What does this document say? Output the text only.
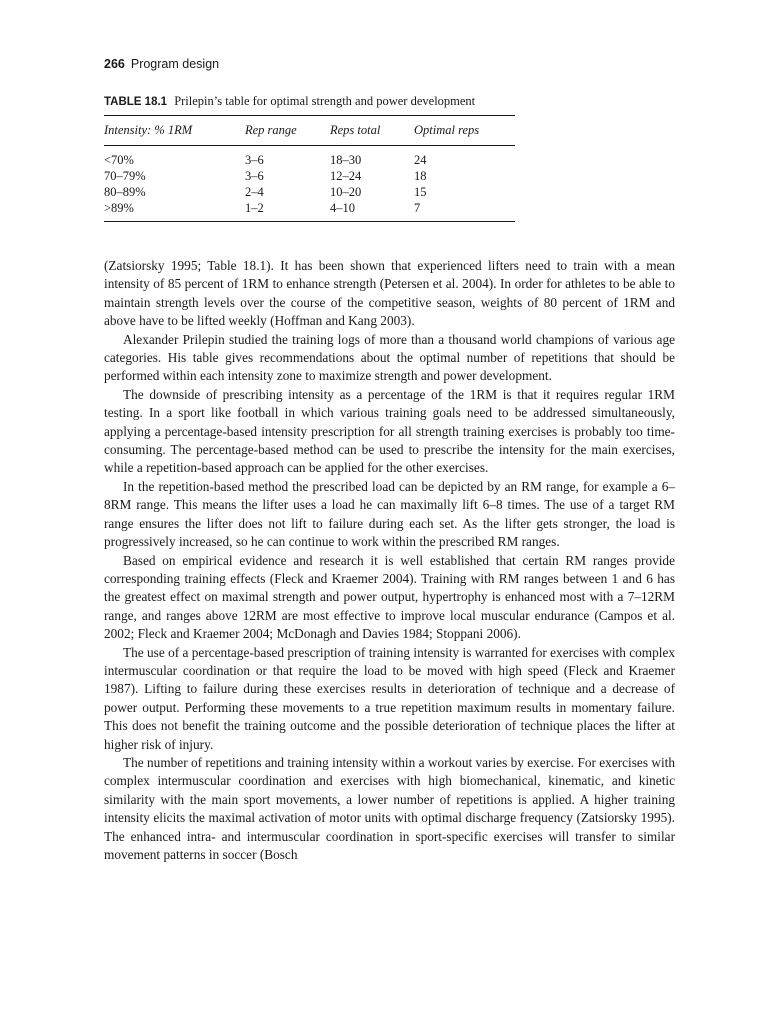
266 Program design
TABLE 18.1 Prilepin’s table for optimal strength and power development
Intensity: % 1RM	Rep range	Reps total	Optimal reps
<70%	3–6	18–30	24
70–79%	3–6	12–24	18
80–89%	2–4	10–20	15
>89%	1–2	4–10	7

(Zatsiorsky 1995; Table 18.1). It has been shown that experienced lifters need to train with a mean intensity of 85 percent of 1RM to enhance strength (Petersen et al. 2004). In order for athletes to be able to maintain strength levels over the course of the competitive season, weights of 80 percent of 1RM and above have to be lifted weekly (Hoffman and Kang 2003).

Alexander Prilepin studied the training logs of more than a thousand world champions of various age categories. His table gives recommendations about the optimal number of repetitions that should be performed within each intensity zone to maximize strength and power development.

The downside of prescribing intensity as a percentage of the 1RM is that it requires regular 1RM testing. In a sport like football in which various training goals need to be addressed simultaneously, applying a percentage-based intensity prescription for all strength training exercises is probably too time-consuming. The percentage-based method can be used to prescribe the intensity for the main exercises, while a repetition-based approach can be applied for the other exercises.

In the repetition-based method the prescribed load can be depicted by an RM range, for example a 6–8RM range. This means the lifter uses a load he can maximally lift 6–8 times. The use of a target RM range ensures the lifter does not lift to failure during each set. As the lifter gets stronger, the load is progressively increased, so he can continue to work within the prescribed RM ranges.

Based on empirical evidence and research it is well established that certain RM ranges provide corresponding training effects (Fleck and Kraemer 2004). Training with RM ranges between 1 and 6 has the greatest effect on maximal strength and power output, hypertrophy is enhanced most with a 7–12RM range, and ranges above 12RM are most effective to improve local muscular endurance (Campos et al. 2002; Fleck and Kraemer 2004; McDonagh and Davies 1984; Stoppani 2006).

The use of a percentage-based prescription of training intensity is warranted for exercises with complex intermuscular coordination or that require the load to be moved with high speed (Fleck and Kraemer 1987). Lifting to failure during these exercises results in deterioration of technique and a decrease of power output. Performing these movements to a true repetition maximum results in momentary failure. This does not benefit the training outcome and the possible deterioration of technique places the lifter at higher risk of injury.

The number of repetitions and training intensity within a workout varies by exercise. For exercises with complex intermuscular coordination and exercises with high biomechanical, kinematic, and kinetic similarity with the main sport movements, a lower number of repetitions is applied. A higher training intensity elicits the maximal activation of motor units with optimal discharge frequency (Zatsiorsky 1995). The enhanced intra- and intermuscular coordination in sport-specific exercises will transfer to similar movement patterns in soccer (Bosch
